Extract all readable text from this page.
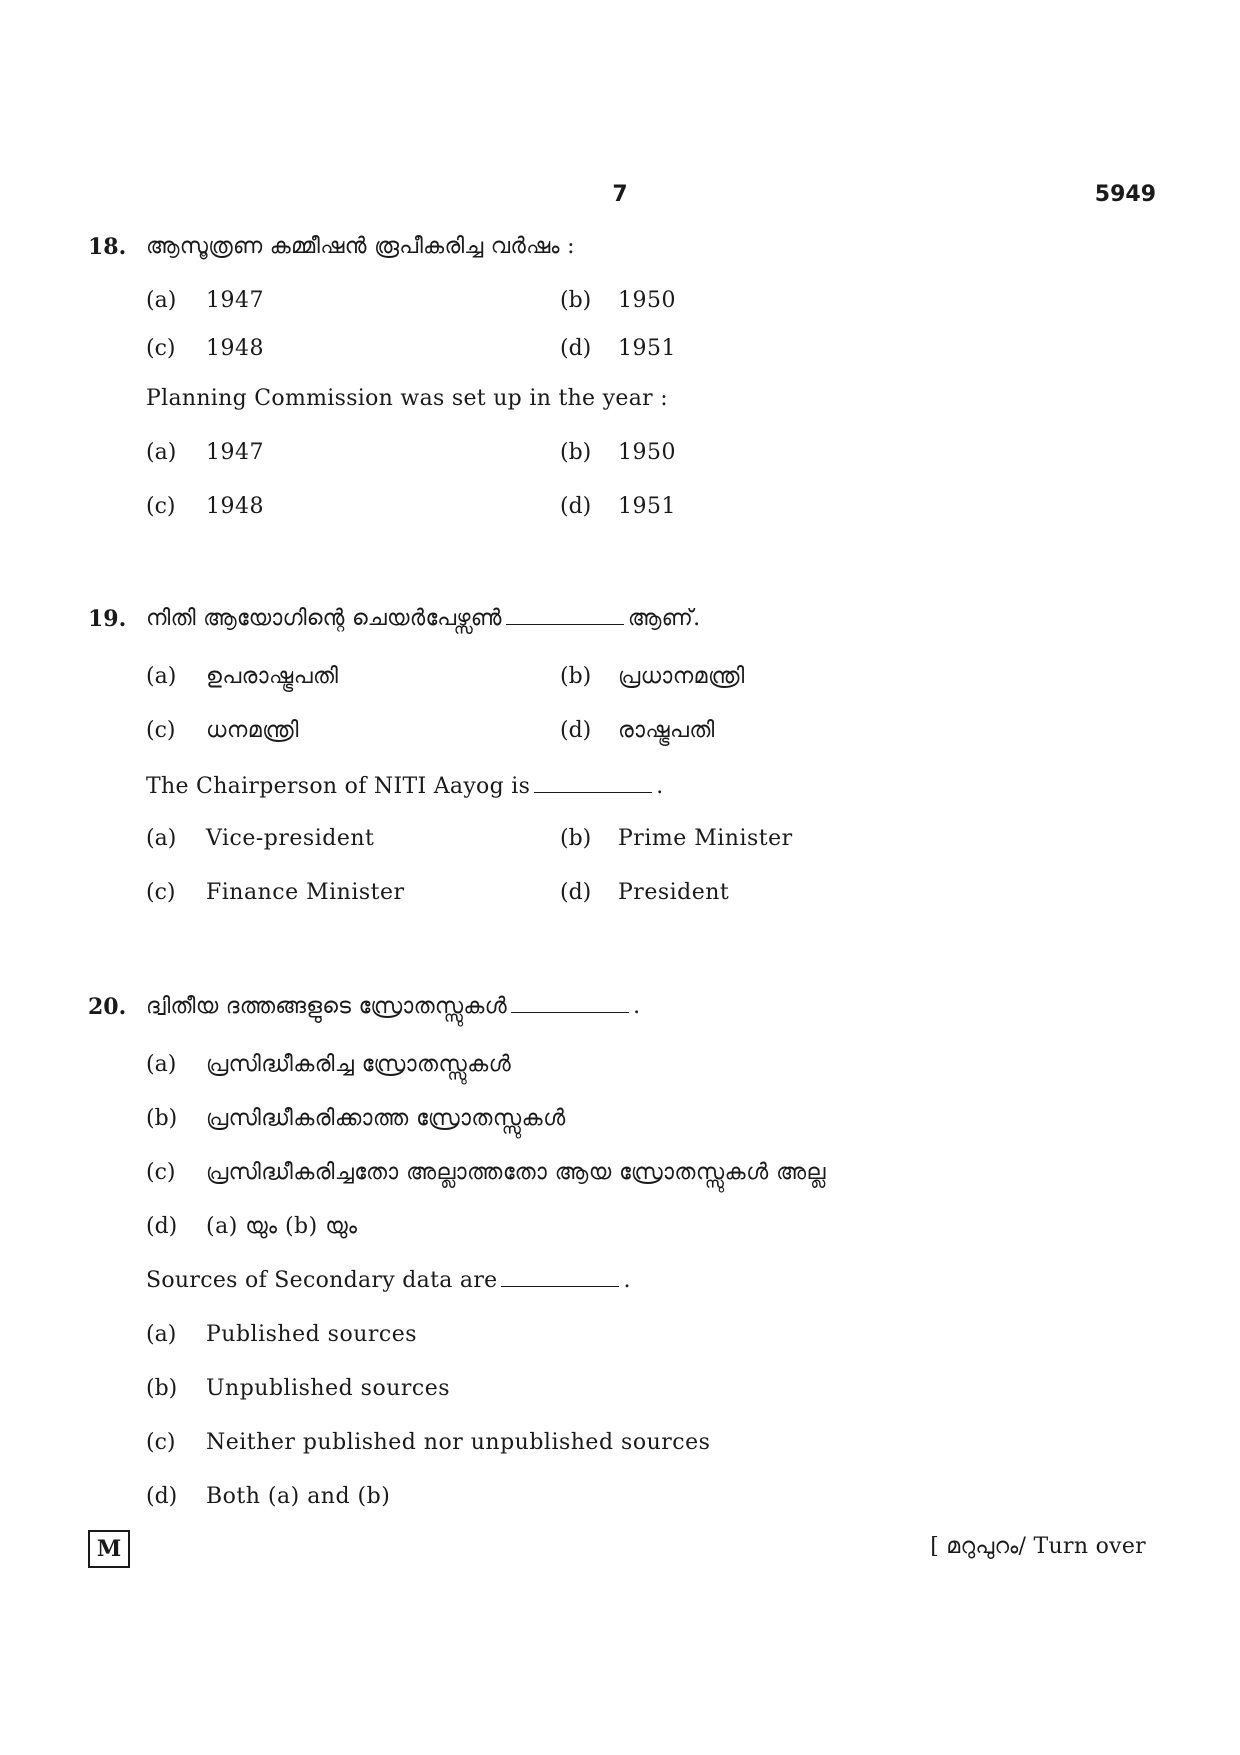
7	5949
18. ആസൂത്രണ കമ്മീഷൻ രൂപീകരിച്ച വർഷം :
(a) 1947	(b) 1950
(c) 1948	(d) 1951
Planning Commission was set up in the year :
(a) 1947	(b) 1950
(c) 1948	(d) 1951
19. നിതി ആയോഗിന്റെ ചെയർപേഴ്സൺ	ആണ്.
(a) ഉപരാഷ്ട്രപതി	(b) പ്രധാനമന്ത്രി
(c) ധനമന്ത്രി	(d) രാഷ്ട്രപതി
The Chairperson of NITI Aayog is	.
(a) Vice-president	(b) Prime Minister
(c) Finance Minister	(d) President
20. ദ്വിതീയ ദത്തങ്ങളുടെ സ്രോതസ്സുകൾ	.
(a) പ്രസിദ്ധീകരിച്ച സ്രോതസ്സുകൾ
(b) പ്രസിദ്ധീകരിക്കാത്ത സ്രോതസ്സുകൾ
(c) പ്രസിദ്ധീകരിച്ചതോ അല്ലാത്തതോ ആയ സ്രോതസ്സുകൾ അല്ല
(d) (a) യും (b) യും
Sources of Secondary data are	.
(a) Published sources
(b) Unpublished sources
(c) Neither published nor unpublished sources
(d) Both (a) and (b)
M	[ മറുപുറം/ Turn over
